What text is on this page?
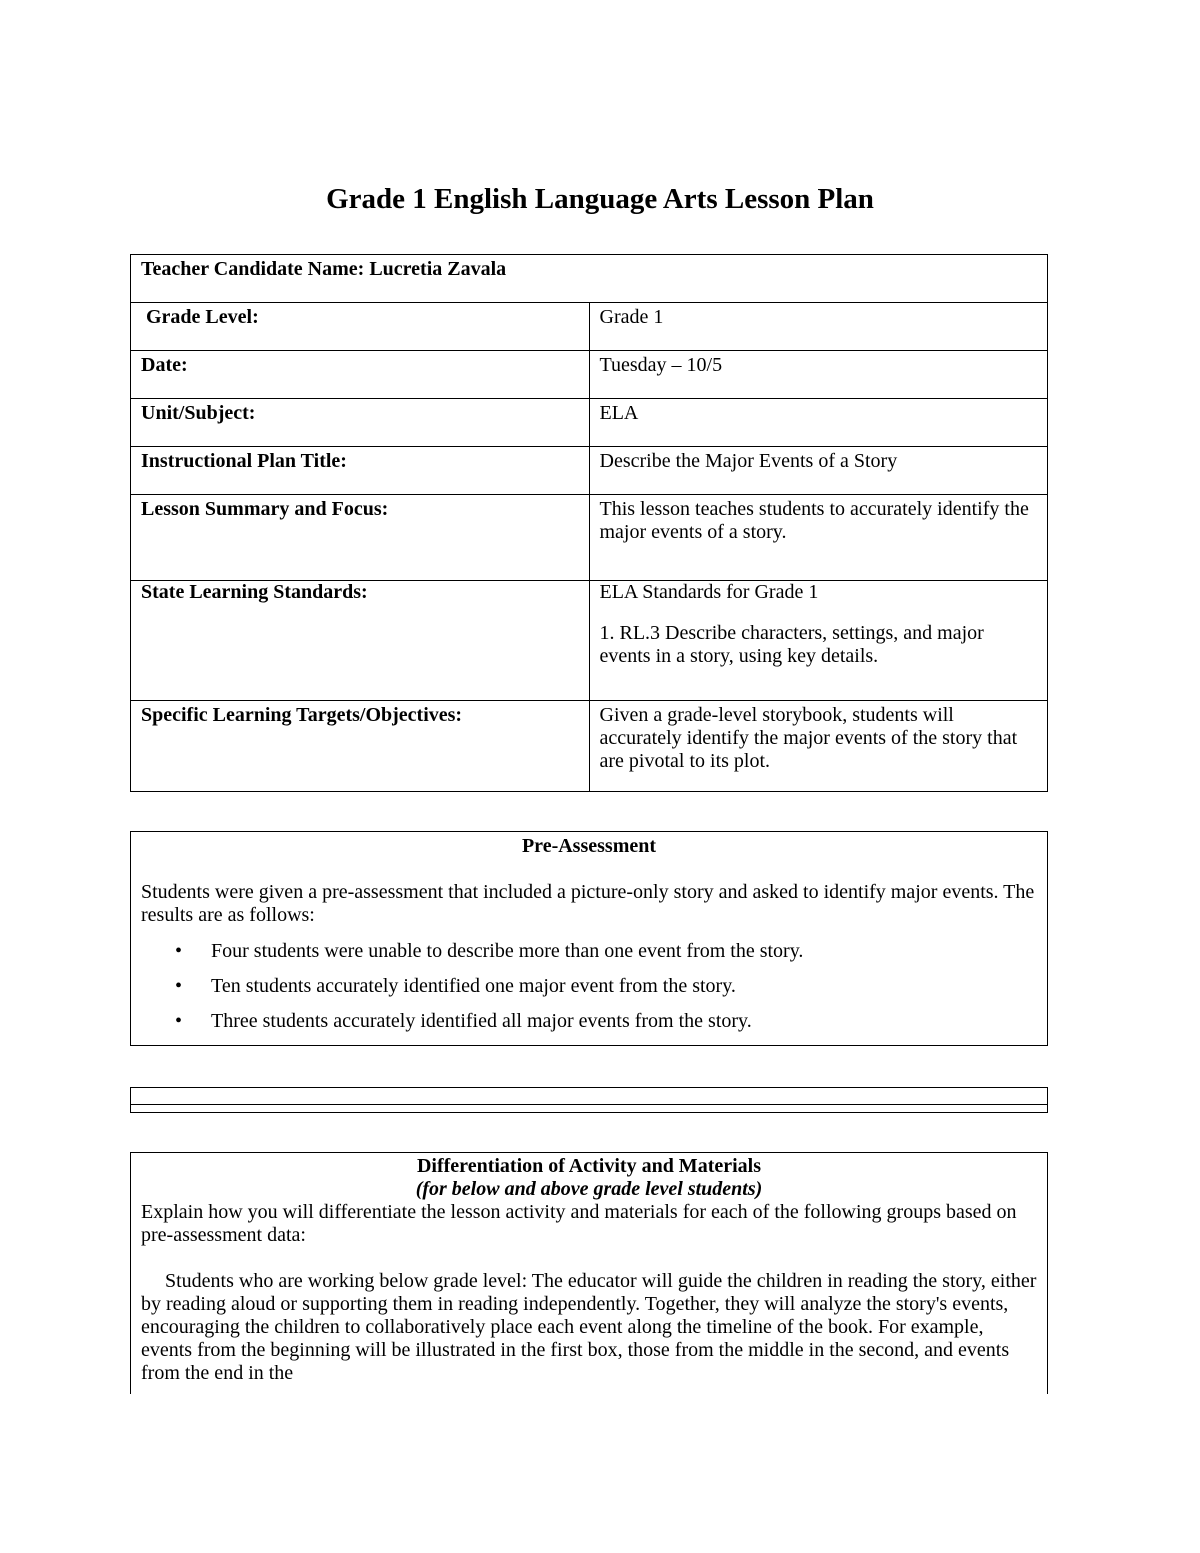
Grade 1 English Language Arts Lesson Plan
Teacher Candidate Name: Lucretia Zavala	
Grade Level:	Grade 1
Date:	Tuesday – 10/5
Unit/Subject:	ELA
Instructional Plan Title:	Describe the Major Events of a Story
Lesson Summary and Focus:	This lesson teaches students to accurately identify the major events of a story.
State Learning Standards:	ELA Standards for Grade 1
1. RL.3 Describe characters, settings, and major events in a story, using key details.

Specific Learning Targets/Objectives:	Given a grade-level storybook, students will accurately identify the major events of the story that are pivotal to its plot.
Pre-Assessment
Students were given a pre-assessment that included a picture-only story and asked to identify major events. The results are as follows:
• Four students were unable to describe more than one event from the story.
• Ten students accurately identified one major event from the story.
• Three students accurately identified all major events from the story.
Differentiation of Activity and Materials
(for below and above grade level students)

Explain how you will differentiate the lesson activity and materials for each of the following groups based on pre-assessment data:

Students who are working below grade level: The educator will guide the children in reading the story, either by reading aloud or supporting them in reading independently. Together, they will analyze the story's events, encouraging the children to collaboratively place each event along the timeline of the book. For example, events from the beginning will be illustrated in the first box, those from the middle in the second, and events from the end in the
